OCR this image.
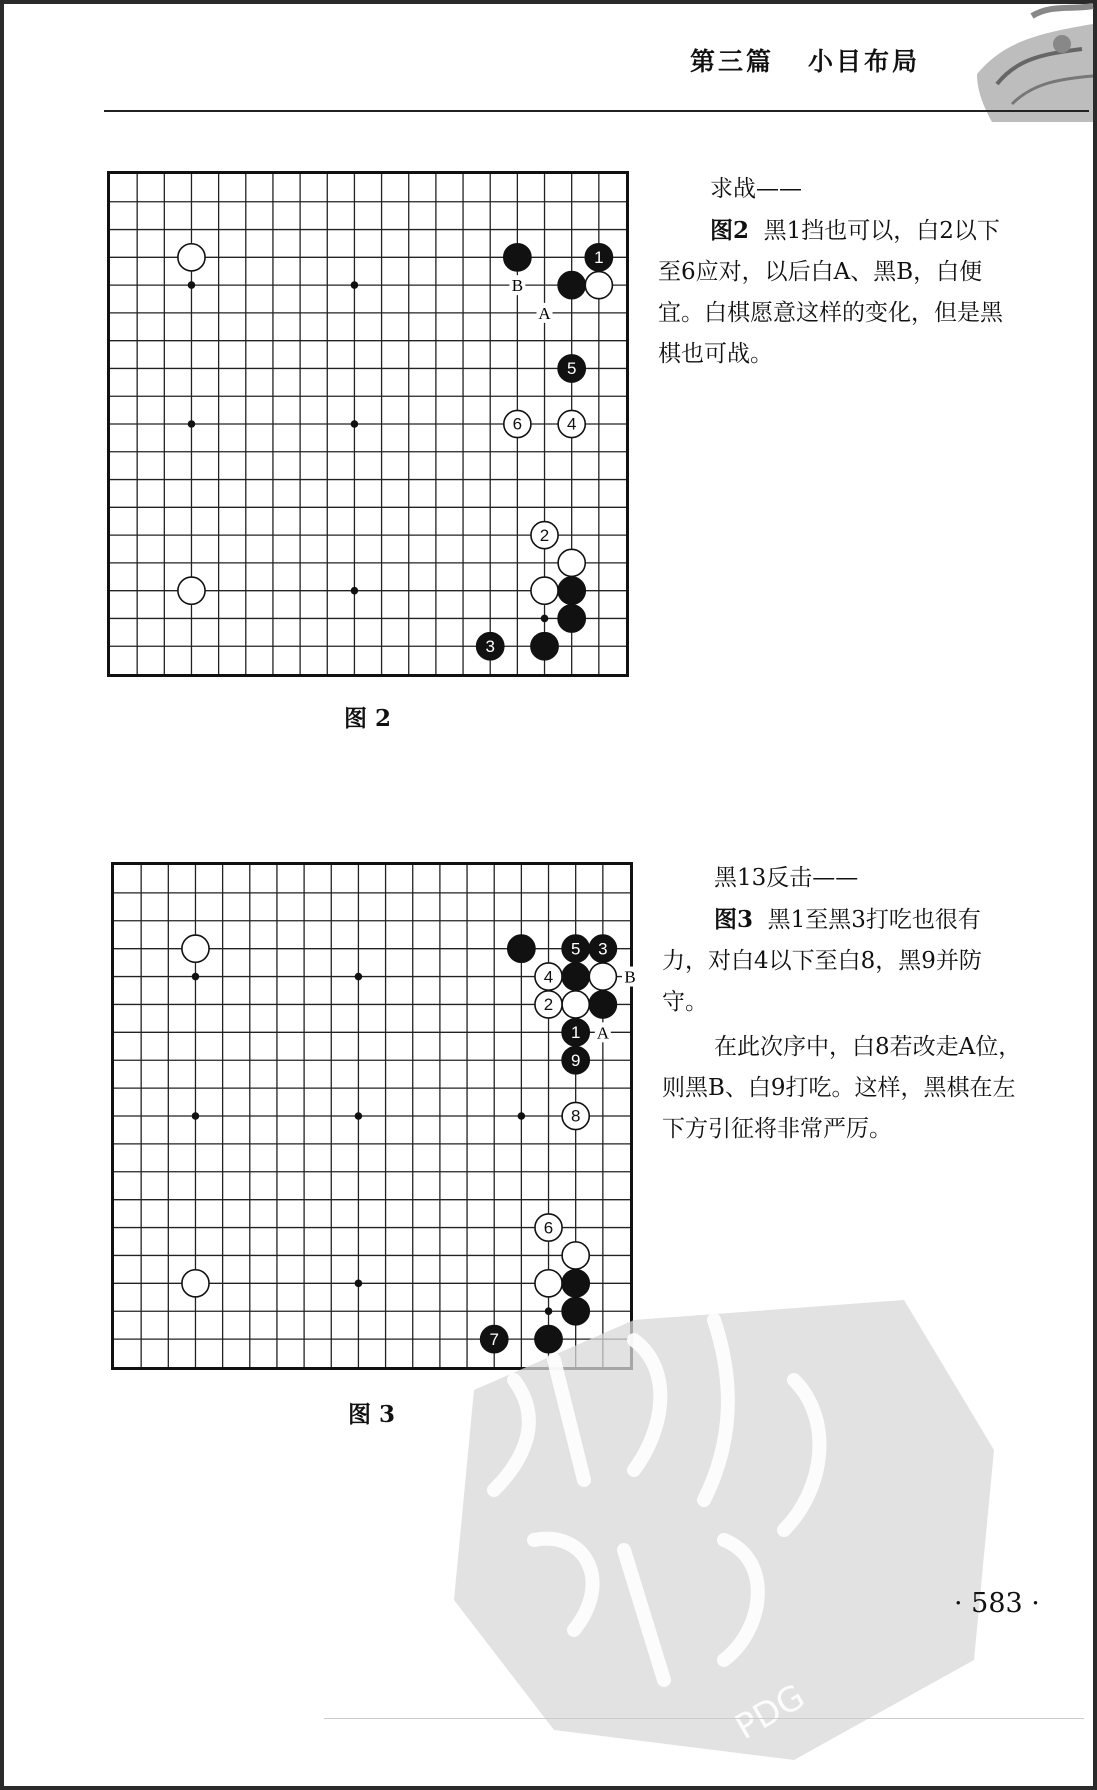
第三篇 小目布局
1
5
6	4
2
3
A
B
图 2
求战——

图2 黑1挡也可以，白2以下至6应对，以后白A、黑B，白便宜。白棋愿意这样的变化，但是黑棋也可战。

5 3
4
2
1
9
8
6
7
A
B
图 3
黑13反击——

图3 黑1至黑3打吃也很有力，对白4以下至白8，黑9并防守。

在此次序中，白8若改走A位，则黑B、白9打吃。这样，黑棋在左下方引征将非常严厉。

PDG
· 583 ·
